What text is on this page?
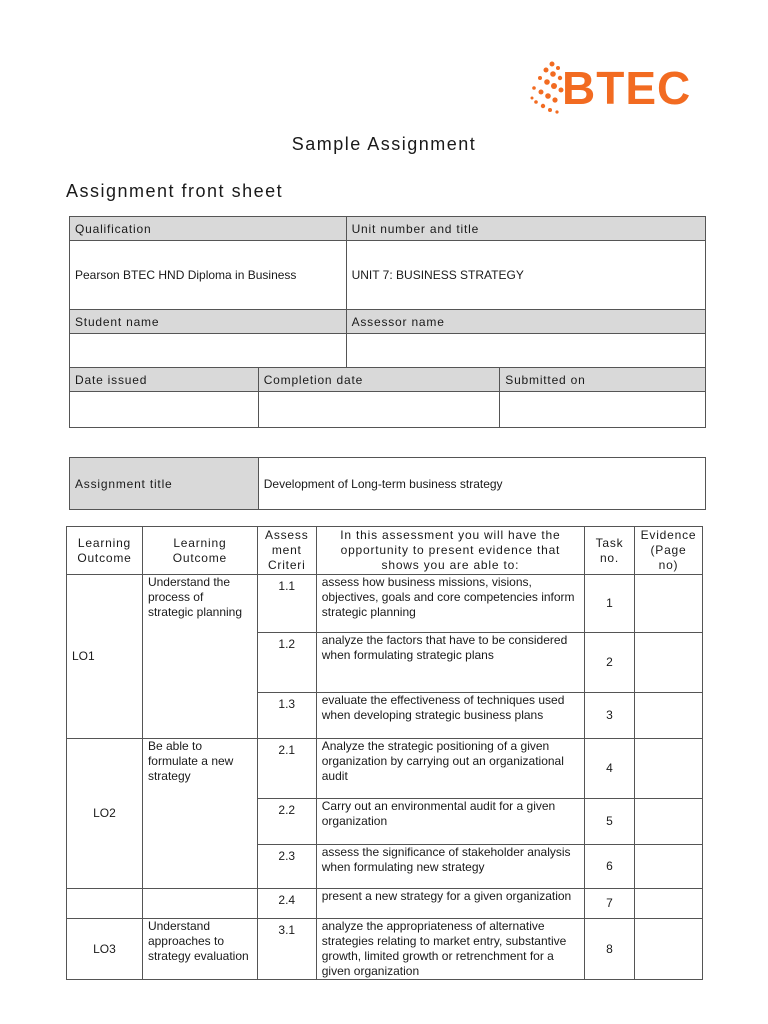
BTEC
Sample Assignment
Assignment front sheet
Qualification		Unit number and title	
Pearson BTEC HND Diploma in Business		UNIT 7: BUSINESS STRATEGY	
Student name		Assessor name	

Date issued	Completion date		Submitted on

Assignment title	Development of Long-term business strategy
Learning Outcome	Learning Outcome	Assess ment Criteri	In this assessment you will have the opportunity to present evidence that shows you are able to:	Task no.	Evidence (Page no)
LO1	Understand the process of strategic planning	1.1	assess how business missions, visions, objectives, goals and core competencies inform strategic planning	1	
		1.2	analyze the factors that have to be considered when formulating strategic plans	2	
		1.3	evaluate the effectiveness of techniques used when developing strategic business plans	3	
LO2	Be able to formulate a new strategy	2.1	Analyze the strategic positioning of a given organization by carrying out an organizational audit	4	
		2.2	Carry out an environmental audit for a given organization	5	
		2.3	assess the significance of stakeholder analysis when formulating new strategy	6	
		2.4	present a new strategy for a given organization	7	
LO3	Understand approaches to strategy evaluation	3.1	analyze the appropriateness of alternative strategies relating to market entry, substantive growth, limited growth or retrenchment for a given organization	8	
